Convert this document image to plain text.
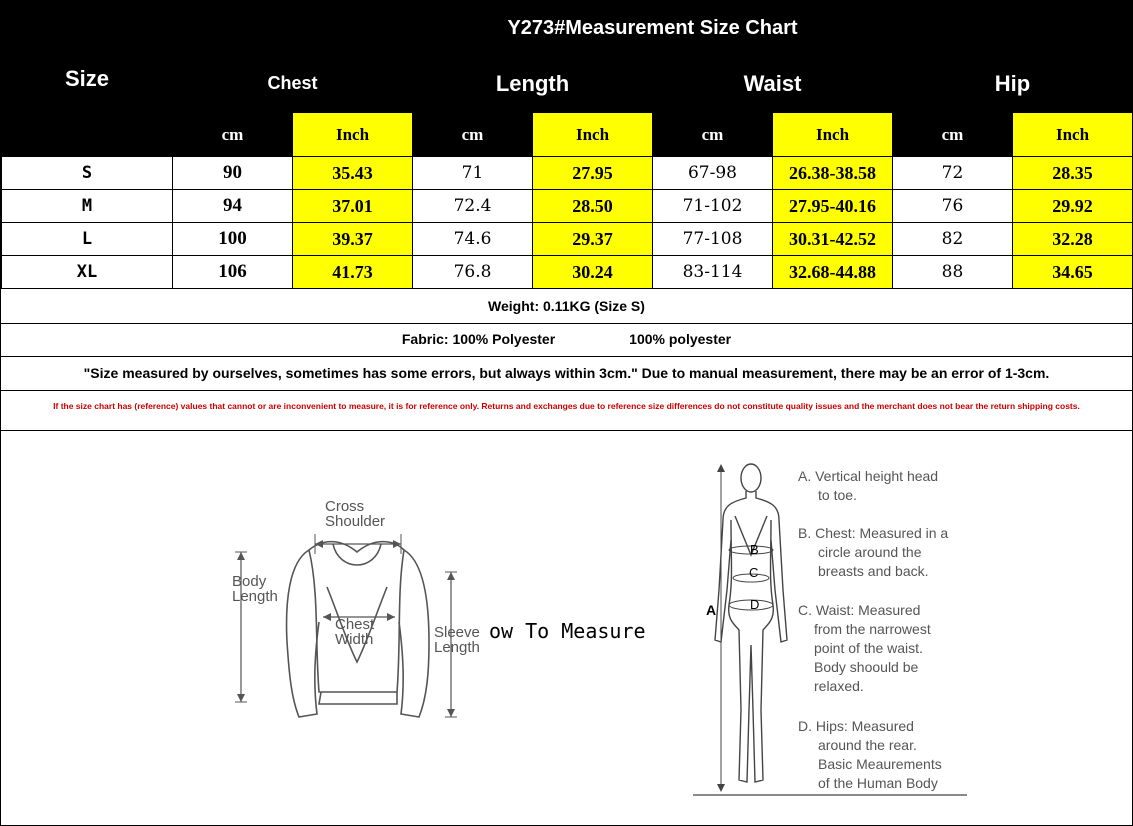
Size	Y273#Measurement Size Chart							
	Chest		Length		Waist		Hip	
	cm	Inch	cm	Inch	cm	Inch	cm	Inch
S	90	35.43	71	27.95	67-98	26.38-38.58	72	28.35
M	94	37.01	72.4	28.50	71-102	27.95-40.16	76	29.92
L	100	39.37	74.6	29.37	77-108	30.31-42.52	82	32.28
XL	106	41.73	76.8	30.24	83-114	32.68-44.88	88	34.65
Weight: 0.11KG (Size S)
Fabric: 100% Polyester	100% polyester
"Size measured by ourselves, sometimes has some errors, but always within 3cm." Due to manual measurement, there may be an error of 1-3cm.
If the size chart has (reference) values that cannot or are inconvenient to measure, it is for reference only. Returns and exchanges due to reference size differences do not constitute quality issues and the merchant does not bear the return shipping costs.
Cross
Shoulder
Body
Length
Chest
Width	Sleeve
Length
ow To Measure
A
B
C
D
A. Vertical height head
to toe.
B. Chest: Measured in a
circle around the
breasts and back.
C. Waist: Measured
from the narrowest
point of the waist.
Body shoould be
relaxed.
D. Hips: Measured
around the rear.
Basic Meaurements
of the Human Body
